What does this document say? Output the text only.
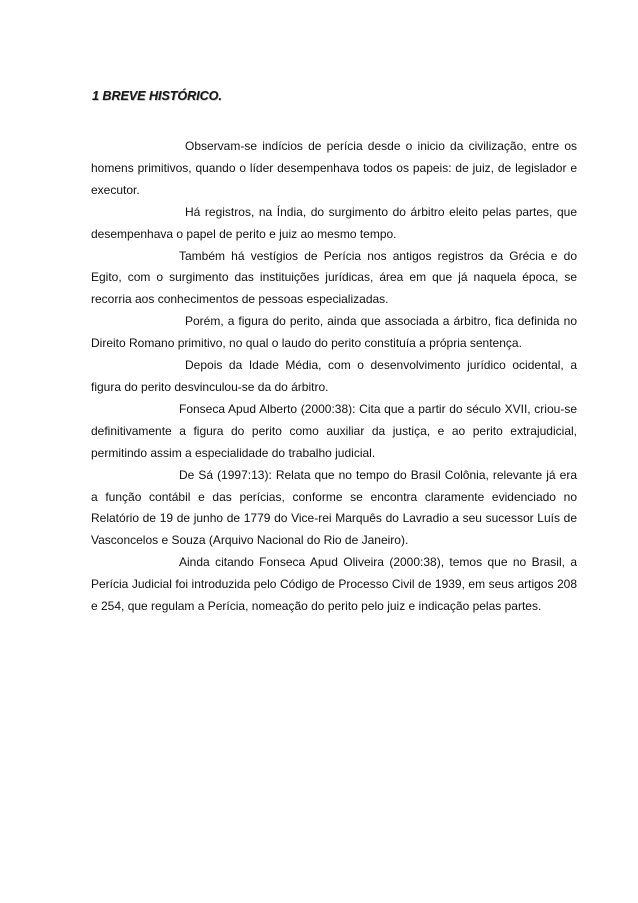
1 BREVE HISTÓRICO.

Observam-se indícios de perícia desde o inicio da civilização, entre os homens primitivos, quando o líder desempenhava todos os papeis: de juiz, de legislador e executor.

Há registros, na Índia, do surgimento do árbitro eleito pelas partes, que desempenhava o papel de perito e juiz ao mesmo tempo.

Também há vestígios de Perícia nos antigos registros da Grécia e do Egito, com o surgimento das instituições jurídicas, área em que já naquela época, se recorria aos conhecimentos de pessoas especializadas.

Porém, a figura do perito, ainda que associada a árbitro, fica definida no Direito Romano primitivo, no qual o laudo do perito constituía a própria sentença.

Depois da Idade Média, com o desenvolvimento jurídico ocidental, a figura do perito desvinculou-se da do árbitro.

Fonseca Apud Alberto (2000:38): Cita que a partir do século XVII, criou-se definitivamente a figura do perito como auxiliar da justiça, e ao perito extrajudicial, permitindo assim a especialidade do trabalho judicial.

De Sá (1997:13): Relata que no tempo do Brasil Colônia, relevante já era a função contábil e das perícias, conforme se encontra claramente evidenciado no Relatório de 19 de junho de 1779 do Vice-rei Marquês do Lavradio a seu sucessor Luís de Vasconcelos e Souza (Arquivo Nacional do Rio de Janeiro).

Ainda citando Fonseca Apud Oliveira (2000:38), temos que no Brasil, a Perícia Judicial foi introduzida pelo Código de Processo Civil de 1939, em seus artigos 208 e 254, que regulam a Perícia, nomeação do perito pelo juiz e indicação pelas partes.
